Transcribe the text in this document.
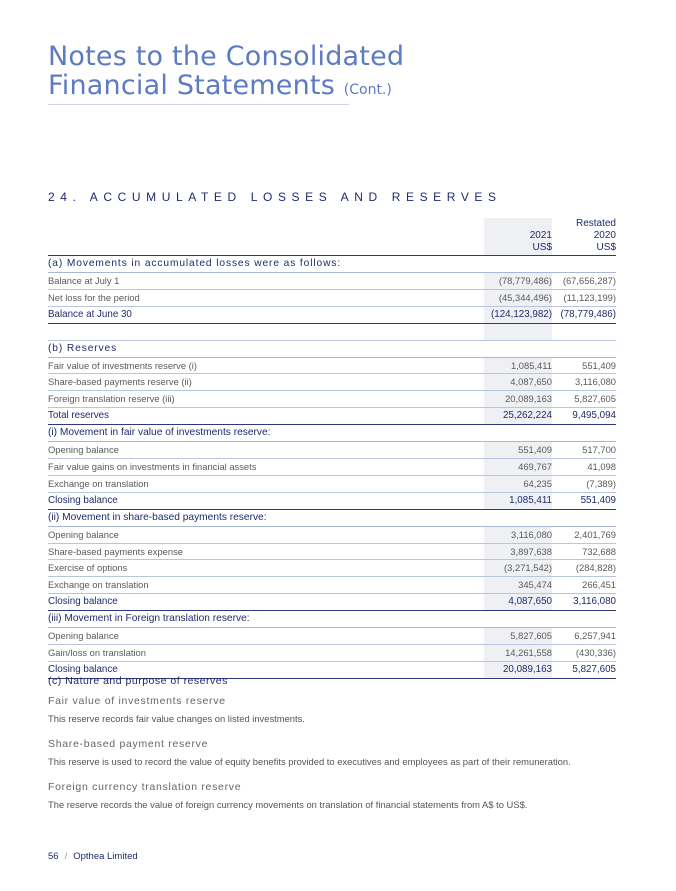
Notes to the Consolidated
Financial Statements (Cont.)
24. ACCUMULATED LOSSES AND RESERVES
		Restated
	2021	2020
	US$	US$
(a) Movements in accumulated losses were as follows:		
Balance at July 1	(78,779,486)	(67,656,287)
Net loss for the period	(45,344,496)	(11,123,199)
Balance at June 30	(124,123,982)	(78,779,486)

(b) Reserves		
Fair value of investments reserve (i)	1,085,411	551,409
Share-based payments reserve (ii)	4,087,650	3,116,080
Foreign translation reserve (iii)	20,089,163	5,827,605
Total reserves	25,262,224	9,495,094
(i) Movement in fair value of investments reserve:		
Opening balance	551,409	517,700
Fair value gains on investments in financial assets	469,767	41,098
Exchange on translation	64,235	(7,389)
Closing balance	1,085,411	551,409
(ii) Movement in share-based payments reserve:		
Opening balance	3,116,080	2,401,769
Share-based payments expense	3,897,638	732,688
Exercise of options	(3,271,542)	(284,828)
Exchange on translation	345,474	266,451
Closing balance	4,087,650	3,116,080
(iii) Movement in Foreign translation reserve:		
Opening balance	5,827,605	6,257,941
Gain/loss on translation	14,261,558	(430,336)
Closing balance	20,089,163	5,827,605
(c) Nature and purpose of reserves
Fair value of investments reserve

This reserve records fair value changes on listed investments.

Share-based payment reserve

This reserve is used to record the value of equity benefits provided to executives and employees as part of their remuneration.

Foreign currency translation reserve

The reserve records the value of foreign currency movements on translation of financial statements from A$ to US$.

56 / Opthea Limited
